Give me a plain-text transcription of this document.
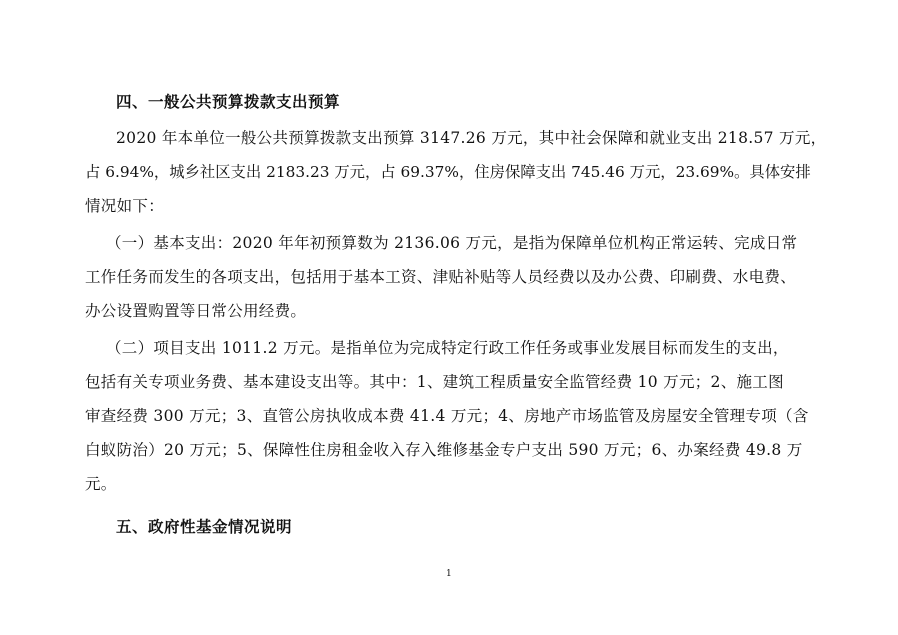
四、一般公共预算拨款支出预算
2020 年本单位一般公共预算拨款支出预算 3147.26 万元，其中社会保障和就业支出 218.57 万元，
占 6.94%，城乡社区支出 2183.23 万元，占 69.37%，住房保障支出 745.46 万元，23.69%。具体安排
情况如下：
（一）基本支出：2020 年年初预算数为 2136.06 万元，是指为保障单位机构正常运转、完成日常
工作任务而发生的各项支出，包括用于基本工资、津贴补贴等人员经费以及办公费、印刷费、水电费、
办公设置购置等日常公用经费。
（二）项目支出 1011.2 万元。是指单位为完成特定行政工作任务或事业发展目标而发生的支出，
包括有关专项业务费、基本建设支出等。其中：1、建筑工程质量安全监管经费 10 万元；2、施工图
审查经费 300 万元；3、直管公房执收成本费 41.4 万元；4、房地产市场监管及房屋安全管理专项（含
白蚁防治）20 万元；5、保障性住房租金收入存入维修基金专户支出 590 万元；6、办案经费 49.8 万
元。
五、政府性基金情况说明
1
